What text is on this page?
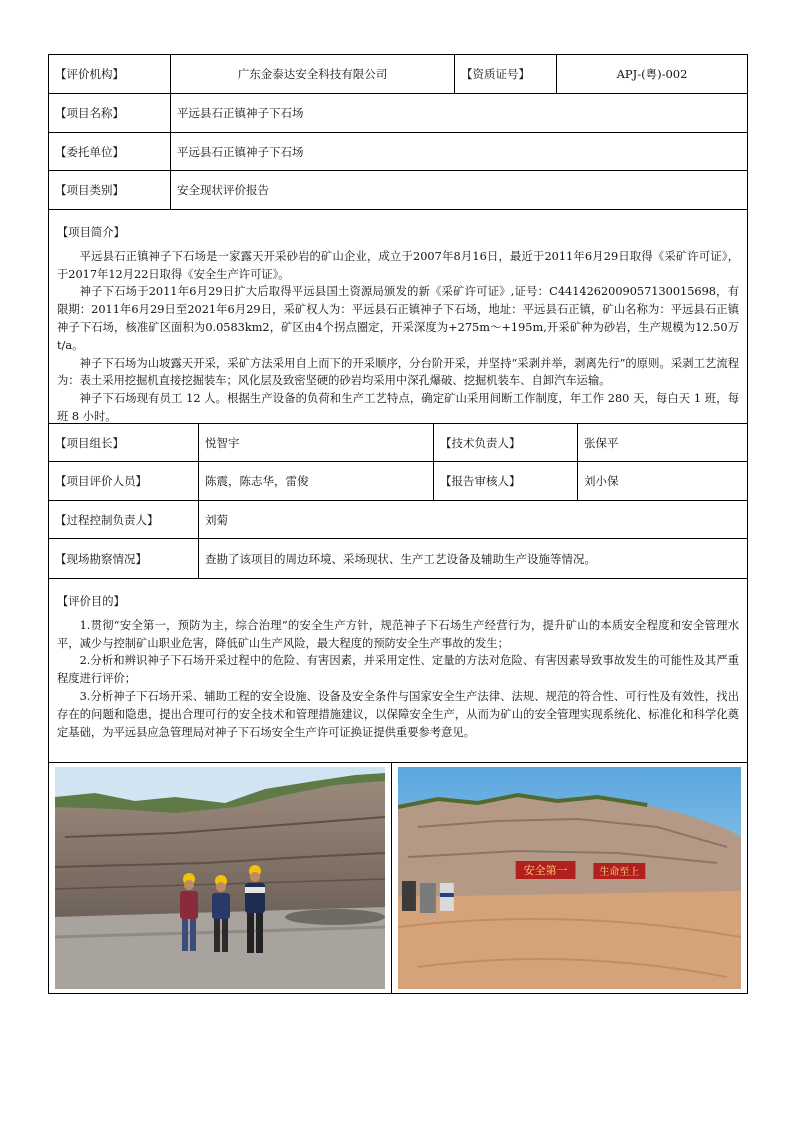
【评价机构】	广东金泰达安全科技有限公司	【资质证号】	APJ-(粤)-002
【项目名称】	平远县石正镇神子下石场
【委托单位】	平远县石正镇神子下石场
【项目类别】	安全现状评价报告
【项目简介】

平远县石正镇神子下石场是一家露天开采砂岩的矿山企业，成立于2007年8月16日，最近于2011年6月29日取得《采矿许可证》，于2017年12月22日取得《安全生产许可证》。

神子下石场于2011年6月29日扩大后取得平远县国土资源局颁发的新《采矿许可证》,证号：C4414262009057130015698，有限期：2011年6月29日至2021年6月29日，采矿权人为：平远县石正镇神子下石场，地址：平远县石正镇，矿山名称为：平远县石正镇神子下石场，核准矿区面积为0.0583km2，矿区由4个拐点圈定，开采深度为+275m～+195m,开采矿种为砂岩，生产规模为12.50万t/a。

神子下石场为山坡露天开采，采矿方法采用自上而下的开采顺序，分台阶开采，并坚持“采剥并举，剥离先行”的原则。采剥工艺流程为：表土采用挖掘机直接挖掘装车；风化层及致密坚硬的砂岩均采用中深孔爆破、挖掘机装车、自卸汽车运输。

神子下石场现有员工 12 人。根据生产设备的负荷和生产工艺特点，确定矿山采用间断工作制度，年工作 280 天，每白天 1 班，每班 8 小时。

【项目组长】	悦智宇	【技术负责人】	张保平
【项目评价人员】	陈震，陈志华，雷俊	【报告审核人】	刘小保
【过程控制负责人】	刘菊
【现场勘察情况】	查勘了该项目的周边环境、采场现状、生产工艺设备及辅助生产设施等情况。
【评价目的】

1.贯彻“安全第一，预防为主，综合治理”的安全生产方针，规范神子下石场生产经营行为，提升矿山的本质安全程度和安全管理水平，减少与控制矿山职业危害，降低矿山生产风险，最大程度的预防安全生产事故的发生；

2.分析和辨识神子下石场开采过程中的危险、有害因素，并采用定性、定量的方法对危险、有害因素导致事故发生的可能性及其严重程度进行评价；

3.分析神子下石场开采、辅助工程的安全设施、设备及安全条件与国家安全生产法律、法规、规范的符合性、可行性及有效性，找出存在的问题和隐患，提出合理可行的安全技术和管理措施建议，以保障安全生产，从而为矿山的安全管理实现系统化、标准化和科学化奠定基础，为平远县应急管理局对神子下石场安全生产许可证换证提供重要参考意见。

安全第一	生命至上
